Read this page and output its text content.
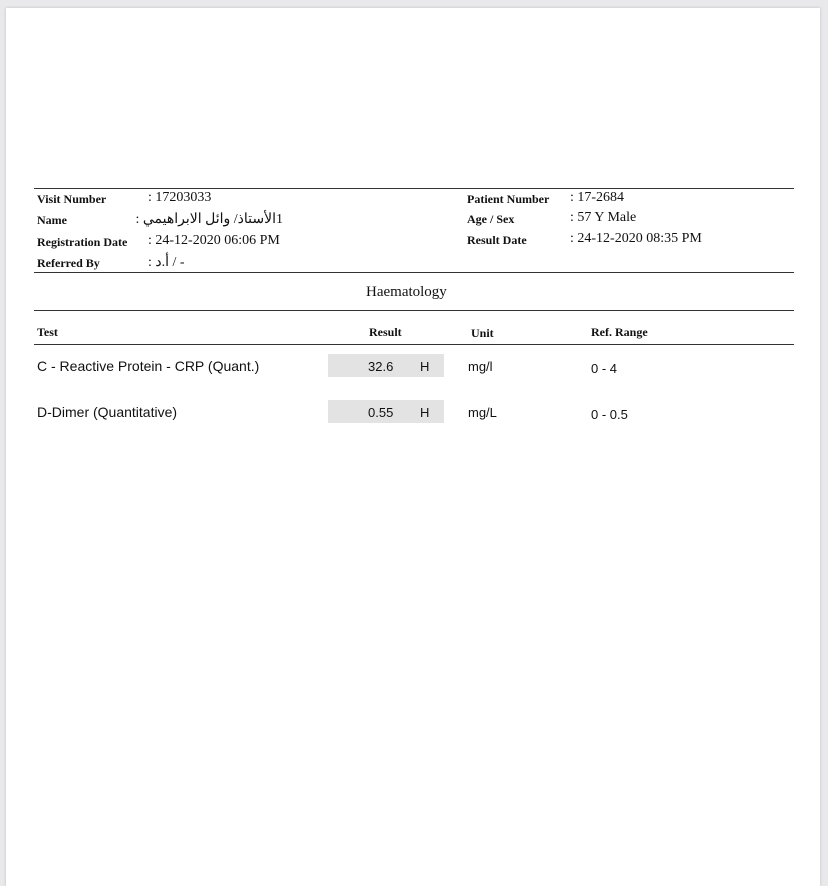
Visit Number	: 17203033
Name	1الأستاذ/ وائل الابراهيمي :
Registration Date : 24-12-2020 06:06 PM
Referred By	: أ.د / -
Patient Number : 17-2684
Age / Sex	: 57 Y Male
Result Date	: 24-12-2020 08:35 PM
Haematology
Test	Result	Unit	Ref. Range
C - Reactive Protein - CRP (Quant.)	32.6 H	mg/l	0 - 4
D-Dimer (Quantitative)	0.55 H	mg/L	0 - 0.5
